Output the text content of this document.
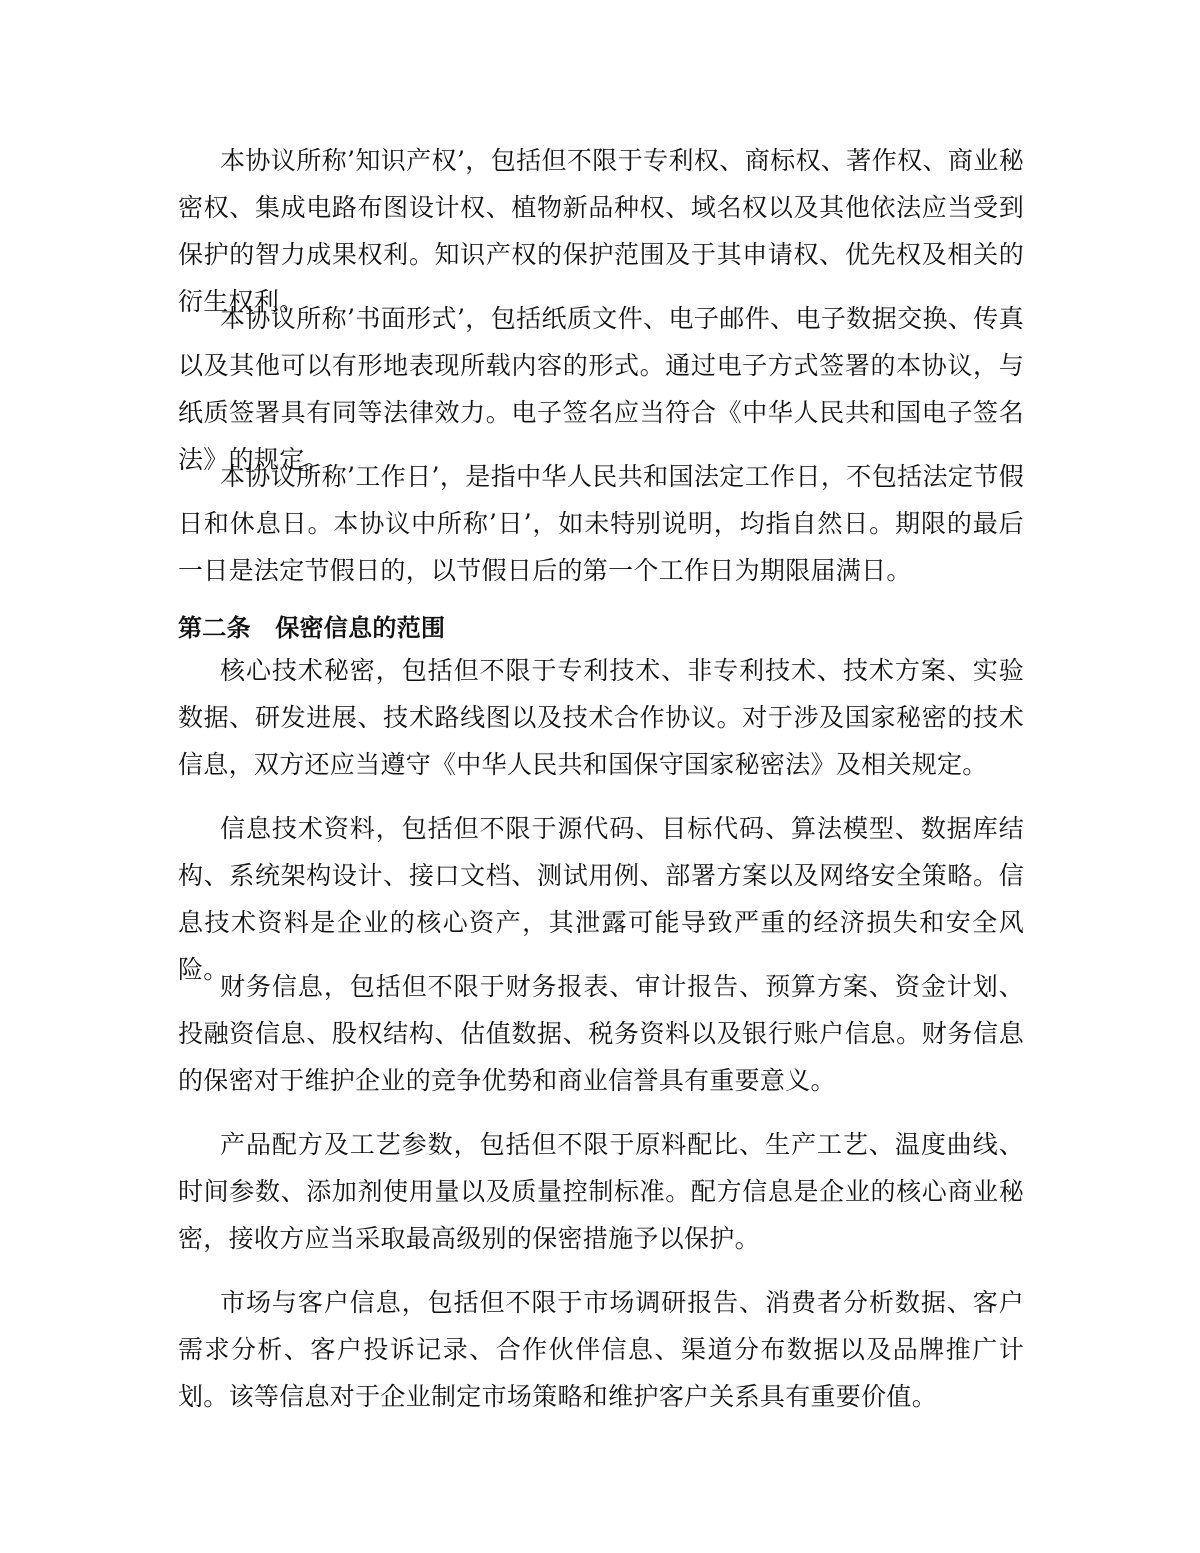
本协议所称’知识产权’，包括但不限于专利权、商标权、著作权、商业秘密权、集成电路布图设计权、植物新品种权、域名权以及其他依法应当受到保护的智力成果权利。知识产权的保护范围及于其申请权、优先权及相关的衍生权利。

本协议所称’书面形式’，包括纸质文件、电子邮件、电子数据交换、传真以及其他可以有形地表现所载内容的形式。通过电子方式签署的本协议，与纸质签署具有同等法律效力。电子签名应当符合《中华人民共和国电子签名法》的规定。

本协议所称’工作日’，是指中华人民共和国法定工作日，不包括法定节假日和休息日。本协议中所称’日’，如未特别说明，均指自然日。期限的最后一日是法定节假日的，以节假日后的第一个工作日为期限届满日。

第二条　保密信息的范围

核心技术秘密，包括但不限于专利技术、非专利技术、技术方案、实验数据、研发进展、技术路线图以及技术合作协议。对于涉及国家秘密的技术信息，双方还应当遵守《中华人民共和国保守国家秘密法》及相关规定。

信息技术资料，包括但不限于源代码、目标代码、算法模型、数据库结构、系统架构设计、接口文档、测试用例、部署方案以及网络安全策略。信息技术资料是企业的核心资产，其泄露可能导致严重的经济损失和安全风险。

财务信息，包括但不限于财务报表、审计报告、预算方案、资金计划、投融资信息、股权结构、估值数据、税务资料以及银行账户信息。财务信息的保密对于维护企业的竞争优势和商业信誉具有重要意义。

产品配方及工艺参数，包括但不限于原料配比、生产工艺、温度曲线、时间参数、添加剂使用量以及质量控制标准。配方信息是企业的核心商业秘密，接收方应当采取最高级别的保密措施予以保护。

市场与客户信息，包括但不限于市场调研报告、消费者分析数据、客户需求分析、客户投诉记录、合作伙伴信息、渠道分布数据以及品牌推广计划。该等信息对于企业制定市场策略和维护客户关系具有重要价值。
